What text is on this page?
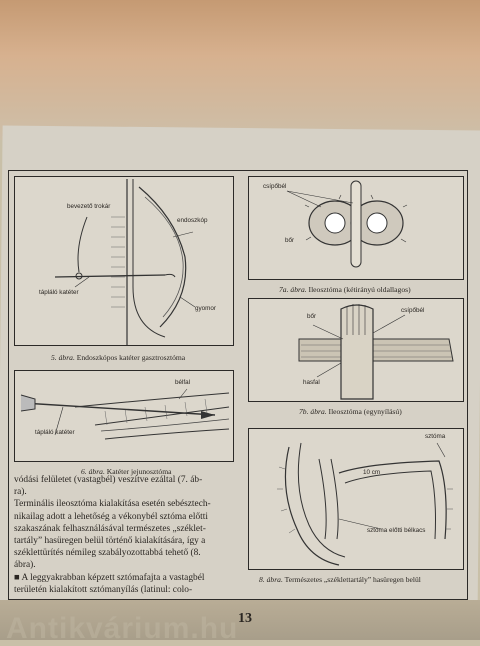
bevezető trokár
endoszkóp
tápláló katéter
gyomor
5. ábra. Endoszkópos katéter gasztrosztóma
bélfal
tápláló katéter
6. ábra. Katéter jejunosztóma
csípőbél
bőr
7a. ábra. Ileosztóma (kétirányú oldallagos)
bőr
csípőbél
hasfal
7b. ábra. Ileosztóma (egynyílású)
sztóma
10 cm
sztóma előtti bélkacs
8. ábra. Természetes „széklettartály” hasüregen belül
vódási felületet (vastagbél) veszítve ezáltal (7. áb-
ra).
Terminális ileosztóma kialakítása esetén sebésztech-
nikailag adott a lehetőség a vékonybél sztóma előtti
szakaszának felhasználásával természetes „széklet-
tartály” hasüregen belül történő kialakítására, így a
széklettürítés némileg szabályozottabbá tehető (8.
ábra).
■ A leggyakrabban képzett sztómafajta a vastagbél
területén kialakított sztómanyílás (latinul: colo-
13
Antikvárium.hu
